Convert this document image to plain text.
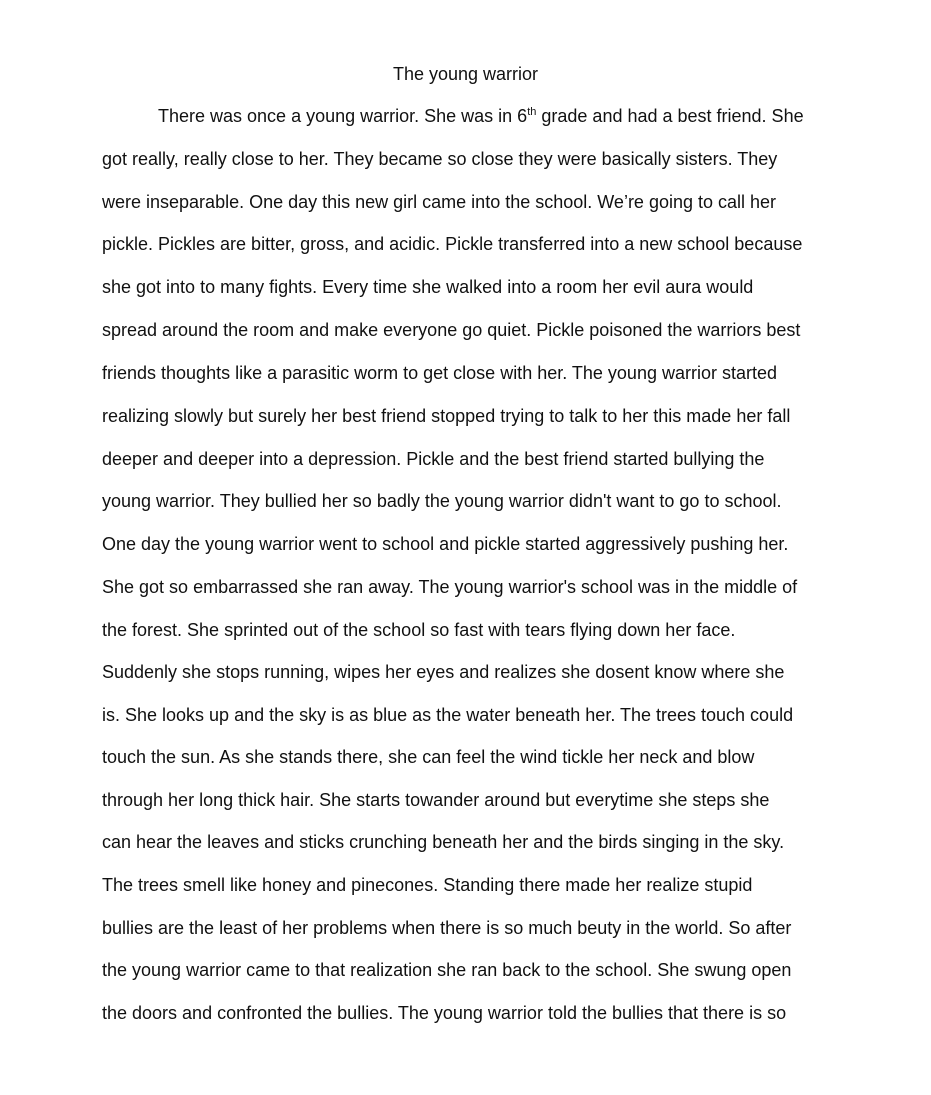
The young warrior
There was once a young warrior. She was in 6th grade and had a best friend. She
got really, really close to her. They became so close they were basically sisters. They
were inseparable. One day this new girl came into the school. We’re going to call her
pickle. Pickles are bitter, gross, and acidic. Pickle transferred into a new school because
she got into to many fights. Every time she walked into a room her evil aura would
spread around the room and make everyone go quiet. Pickle poisoned the warriors best
friends thoughts like a parasitic worm to get close with her. The young warrior started
realizing slowly but surely her best friend stopped trying to talk to her this made her fall
deeper and deeper into a depression. Pickle and the best friend started bullying the
young warrior. They bullied her so badly the young warrior didn't want to go to school.
One day the young warrior went to school and pickle started aggressively pushing her.
She got so embarrassed she ran away. The young warrior's school was in the middle of
the forest. She sprinted out of the school so fast with tears flying down her face.
Suddenly she stops running, wipes her eyes and realizes she dosent know where she
is. She looks up and the sky is as blue as the water beneath her. The trees touch could
touch the sun. As she stands there, she can feel the wind tickle her neck and blow
through her long thick hair. She starts towander around but everytime she steps she
can hear the leaves and sticks crunching beneath her and the birds singing in the sky.
The trees smell like honey and pinecones. Standing there made her realize stupid
bullies are the least of her problems when there is so much beuty in the world. So after
the young warrior came to that realization she ran back to the school. She swung open
the doors and confronted the bullies. The young warrior told the bullies that there is so
